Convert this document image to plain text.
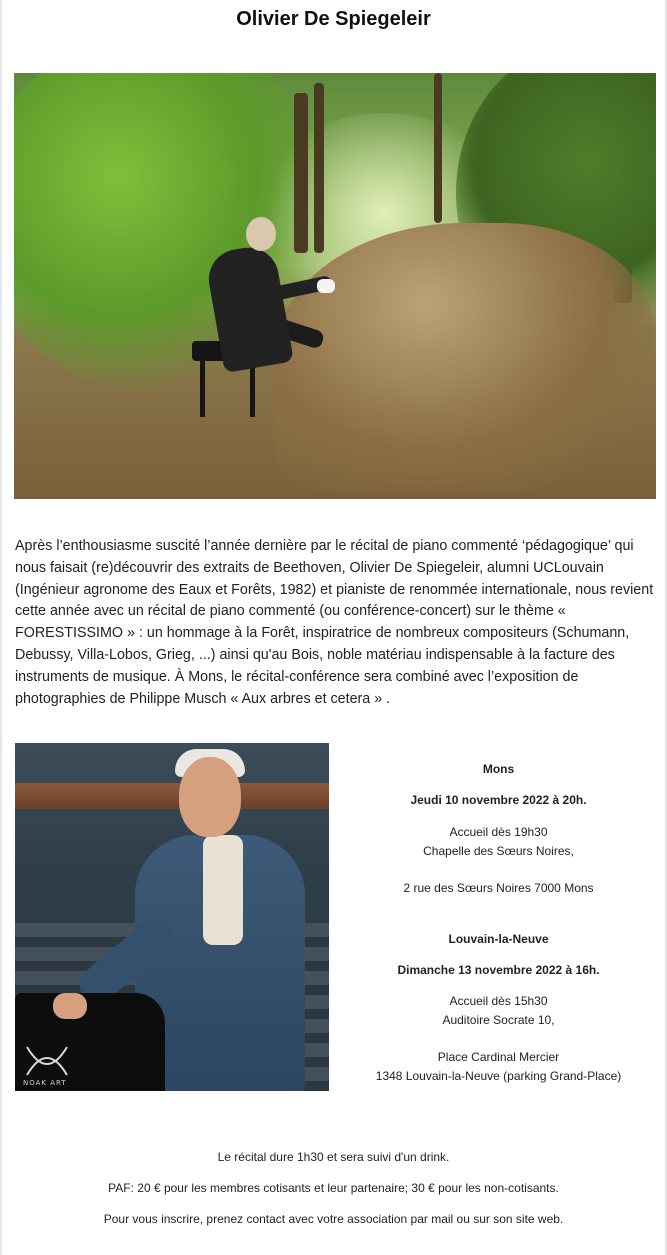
Olivier De Spiegeleir

Après l’enthousiasme suscité l’année dernière par le récital de piano commenté ‘pédagogique’ qui nous faisait (re)découvrir des extraits de Beethoven, Olivier De Spiegeleir, alumni UCLouvain (Ingénieur agronome des Eaux et Forêts, 1982) et pianiste de renommée internationale, nous revient cette année avec un récital de piano commenté (ou conférence-concert) sur le thème « FORESTISSIMO » : un hommage à la Forêt, inspiratrice de nombreux compositeurs (Schumann, Debussy, Villa-Lobos, Grieg, ...) ainsi qu'au Bois, noble matériau indispensable à la facture des instruments de musique. À Mons, le récital-conférence sera combiné avec l’exposition de photographies de Philippe Musch « Aux arbres et cetera » .

NOAK ART
Mons
Jeudi 10 novembre 2022 à 20h.
Accueil dès 19h30
Chapelle des Sœurs Noires,
2 rue des Sœurs Noires 7000 Mons
Louvain-la-Neuve
Dimanche 13 novembre 2022 à 16h.
Accueil dès 15h30
Auditoire Socrate 10,
Place Cardinal Mercier
1348 Louvain-la-Neuve (parking Grand-Place)
Le récital dure 1h30 et sera suivi d'un drink.
PAF: 20 € pour les membres cotisants et leur partenaire; 30 € pour les non-cotisants.
Pour vous inscrire, prenez contact avec votre association par mail ou sur son site web.
